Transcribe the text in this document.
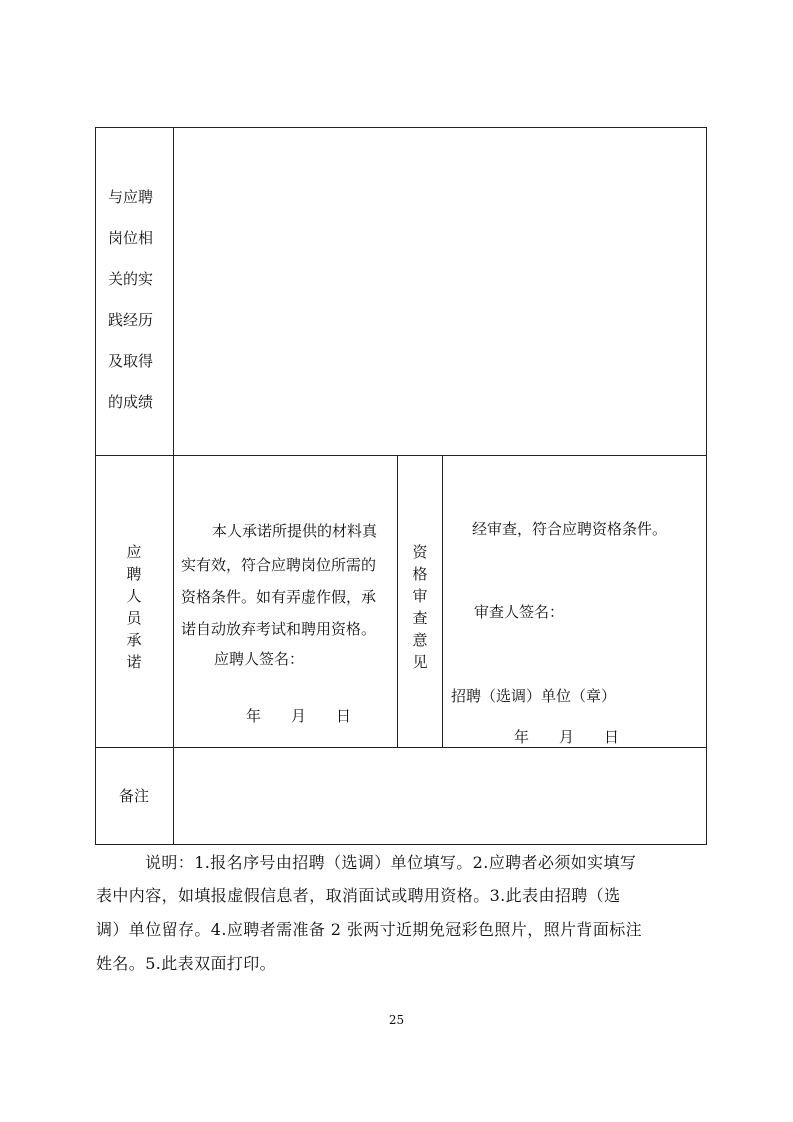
与应聘
岗位相
关的实
践经历
及取得
的成绩
应
聘
人
员
承
诺
本人承诺所提供的材料真
实有效，符合应聘岗位所需的
资格条件。如有弄虚作假，承
诺自动放弃考试和聘用资格。
应聘人签名：
年　　月　　日
资
格
审
查
意
见
经审查，符合应聘资格条件。
审查人签名：
招聘（选调）单位（章）
年　　月　　日
备注
说明：1.报名序号由招聘（选调）单位填写。2.应聘者必须如实填写
表中内容，如填报虚假信息者，取消面试或聘用资格。3.此表由招聘（选
调）单位留存。4.应聘者需准备 2 张两寸近期免冠彩色照片，照片背面标注
姓名。5.此表双面打印。
25
